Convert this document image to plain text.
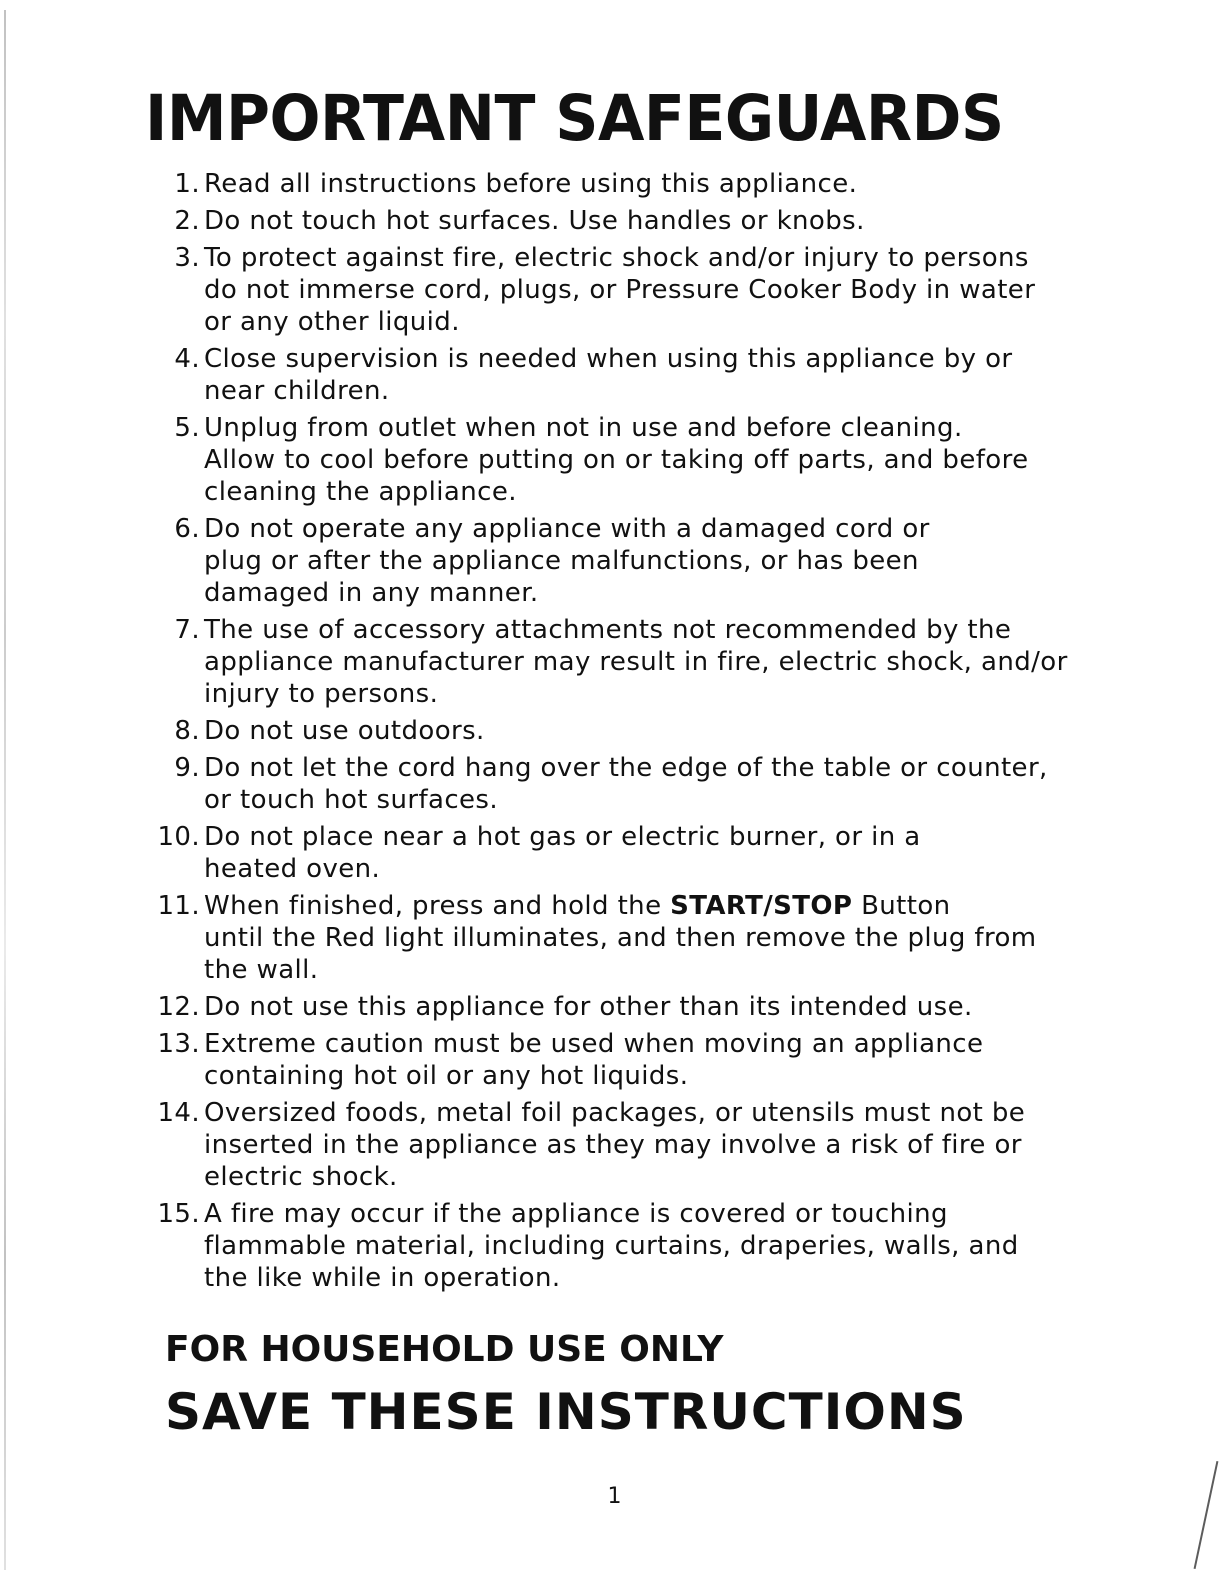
IMPORTANT SAFEGUARDS
1. Read all instructions before using this appliance.
2. Do not touch hot surfaces. Use handles or knobs.
3. To protect against fire, electric shock and/or injury to persons
do not immerse cord, plugs, or Pressure Cooker Body in water
or any other liquid.
4. Close supervision is needed when using this appliance by or
near children.
5. Unplug from outlet when not in use and before cleaning.
Allow to cool before putting on or taking off parts, and before
cleaning the appliance.
6. Do not operate any appliance with a damaged cord or
plug or after the appliance malfunctions, or has been
damaged in any manner.
7. The use of accessory attachments not recommended by the
appliance manufacturer may result in fire, electric shock, and/or
injury to persons.
8. Do not use outdoors.
9. Do not let the cord hang over the edge of the table or counter,
or touch hot surfaces.
10. Do not place near a hot gas or electric burner, or in a
heated oven.
11. When finished, press and hold the START/STOP Button
until the Red light illuminates, and then remove the plug from
the wall.
12. Do not use this appliance for other than its intended use.
13. Extreme caution must be used when moving an appliance
containing hot oil or any hot liquids.
14. Oversized foods, metal foil packages, or utensils must not be
inserted in the appliance as they may involve a risk of fire or
electric shock.
15. A fire may occur if the appliance is covered or touching
flammable material, including curtains, draperies, walls, and
the like while in operation.
FOR HOUSEHOLD USE ONLY
SAVE THESE INSTRUCTIONS
1
